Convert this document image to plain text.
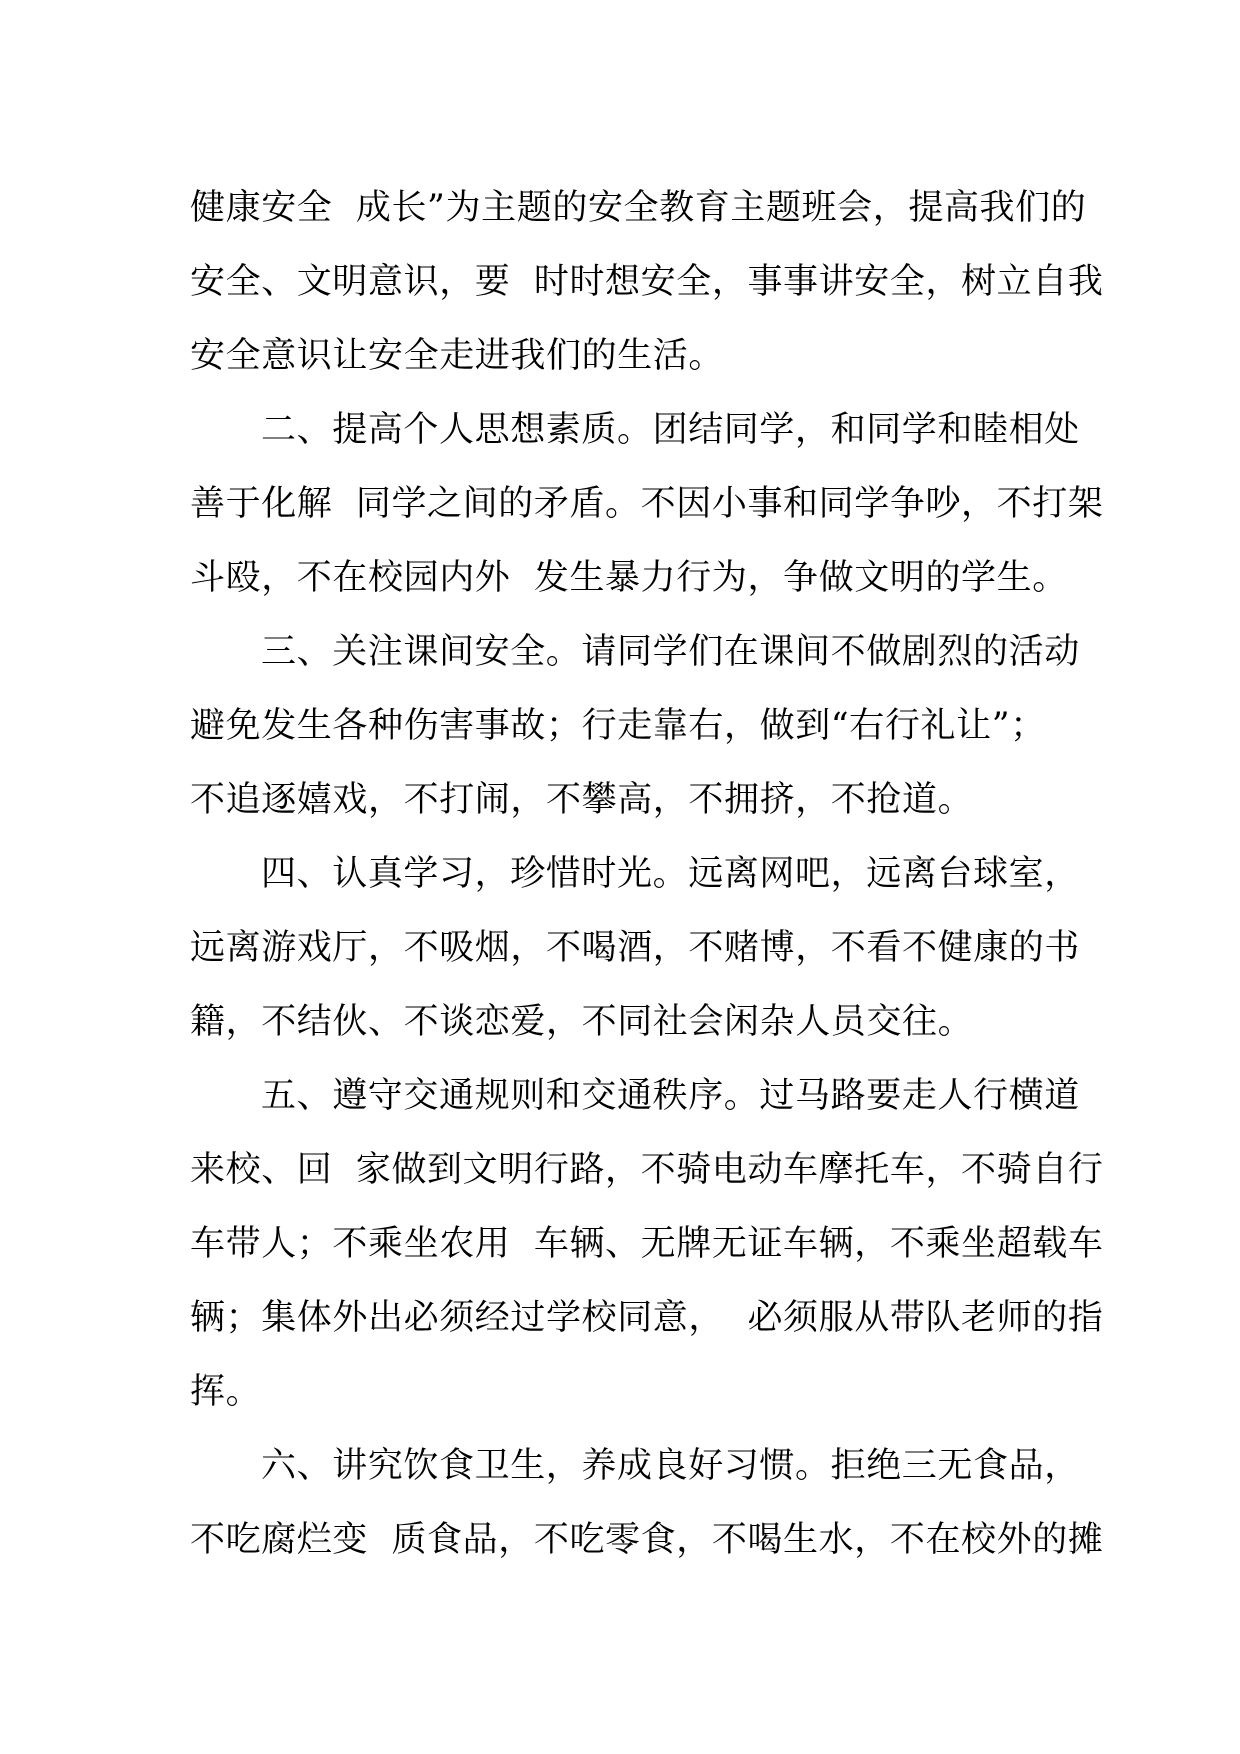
健康安全  成长”为主题的安全教育主题班会，提高我们的
安全、文明意识，要  时时想安全，事事讲安全，树立自我
安全意识让安全走进我们的生活。
二、提高个人思想素质。团结同学，和同学和睦相处
善于化解  同学之间的矛盾。不因小事和同学争吵，不打架
斗殴，不在校园内外  发生暴力行为，争做文明的学生。
三、关注课间安全。请同学们在课间不做剧烈的活动
避免发生各种伤害事故；行走靠右，做到“右行礼让”；
不追逐嬉戏，不打闹，不攀高，不拥挤，不抢道。
四、认真学习，珍惜时光。远离网吧，远离台球室，
远离游戏厅，不吸烟，不喝酒，不赌博，不看不健康的书
籍，不结伙、不谈恋爱，不同社会闲杂人员交往。
五、遵守交通规则和交通秩序。过马路要走人行横道
来校、回  家做到文明行路，不骑电动车摩托车，不骑自行
车带人；不乘坐农用  车辆、无牌无证车辆，不乘坐超载车
辆；集体外出必须经过学校同意，  必须服从带队老师的指
挥。
六、讲究饮食卫生，养成良好习惯。拒绝三无食品，
不吃腐烂变  质食品，不吃零食，不喝生水，不在校外的摊
